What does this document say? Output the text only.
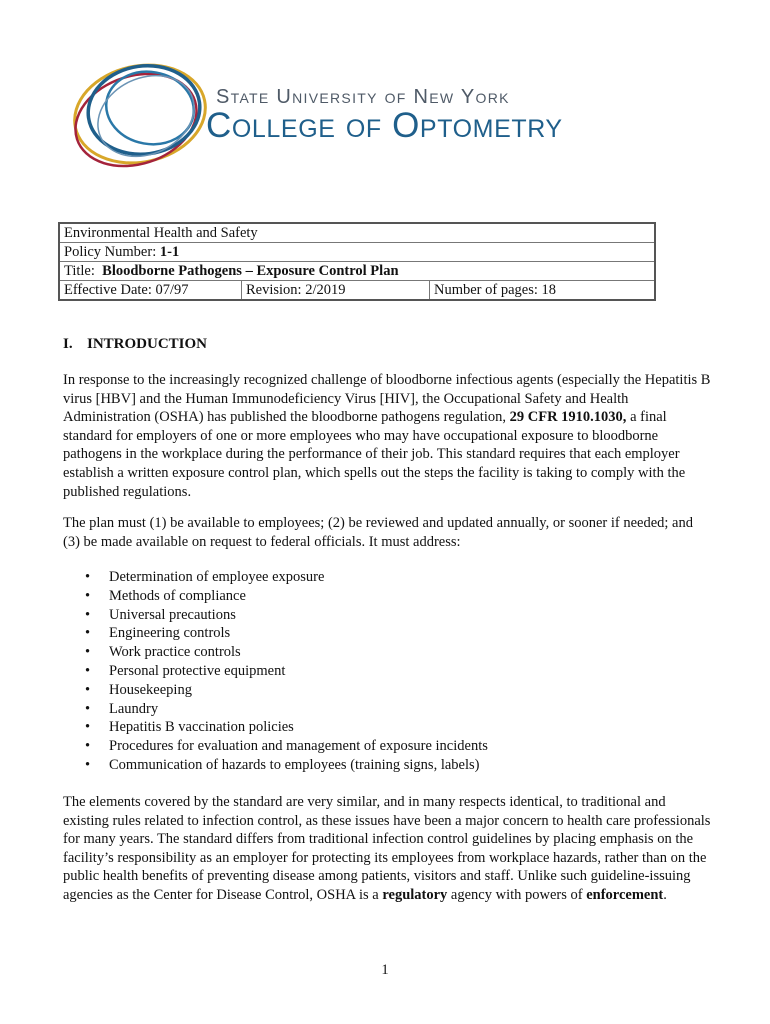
State University of New York
College of Optometry
Environmental Health and Safety
Policy Number: 1-1
Title: Bloodborne Pathogens – Exposure Control Plan
Effective Date: 07/97	Revision: 2/2019	Number of pages: 18
I. INTRODUCTION
In response to the increasingly recognized challenge of bloodborne infectious agents (especially the Hepatitis B virus [HBV] and the Human Immunodeficiency Virus [HIV], the Occupational Safety and Health Administration (OSHA) has published the bloodborne pathogens regulation, 29 CFR 1910.1030, a final standard for employers of one or more employees who may have occupational exposure to bloodborne pathogens in the workplace during the performance of their job. This standard requires that each employer establish a written exposure control plan, which spells out the steps the facility is taking to comply with the published regulations.
The plan must (1) be available to employees; (2) be reviewed and updated annually, or sooner if needed; and (3) be made available on request to federal officials. It must address:
• Determination of employee exposure
• Methods of compliance
• Universal precautions
• Engineering controls
• Work practice controls
• Personal protective equipment
• Housekeeping
• Laundry
• Hepatitis B vaccination policies
• Procedures for evaluation and management of exposure incidents
• Communication of hazards to employees (training signs, labels)
The elements covered by the standard are very similar, and in many respects identical, to traditional and existing rules related to infection control, as these issues have been a major concern to health care professionals for many years. The standard differs from traditional infection control guidelines by placing emphasis on the facility’s responsibility as an employer for protecting its employees from workplace hazards, rather than on the public health benefits of preventing disease among patients, visitors and staff. Unlike such guideline-issuing agencies as the Center for Disease Control, OSHA is a regulatory agency with powers of enforcement.
1
